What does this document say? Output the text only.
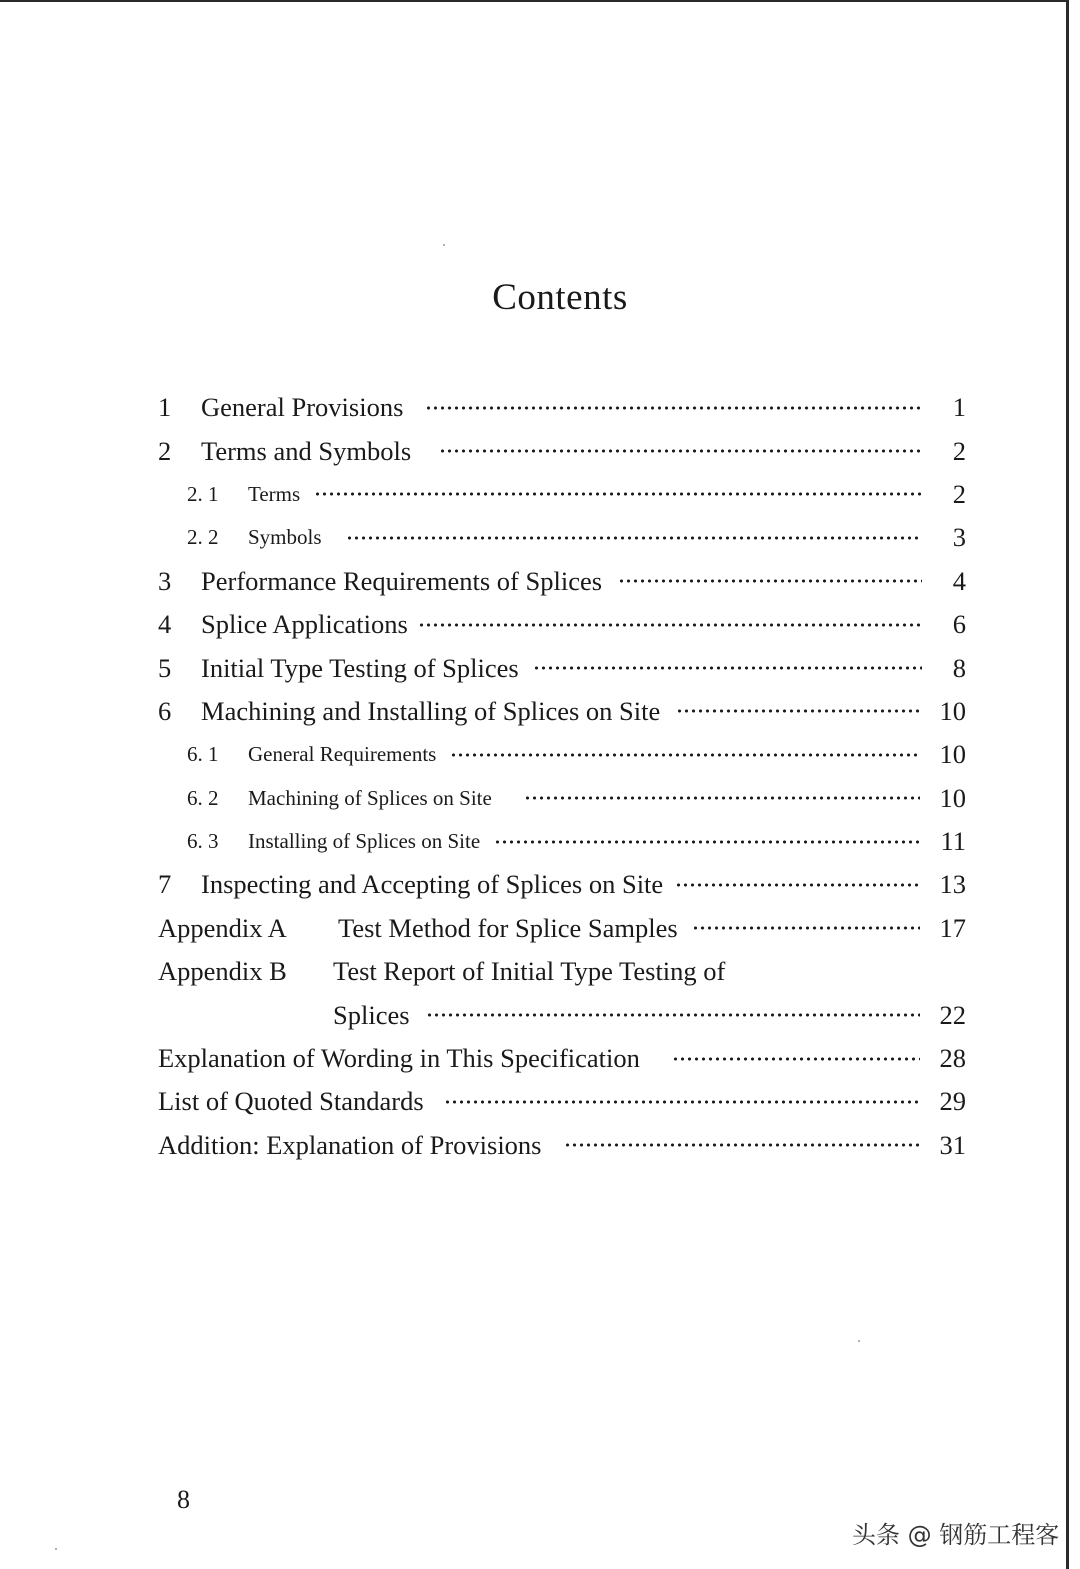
Contents
1	General Provisions	1
2	Terms and Symbols	2
2. 1	Terms	2
2. 2	Symbols	3
3	Performance Requirements of Splices	4
4	Splice Applications	6
5	Initial Type Testing of Splices	8
6	Machining and Installing of Splices on Site	10
6. 1	General Requirements	10
6. 2	Machining of Splices on Site	10
6. 3	Installing of Splices on Site	11
7	Inspecting and Accepting of Splices on Site	13
Appendix A	Test Method for Splice Samples	17
Appendix B	Test Report of Initial Type Testing of
Splices	22
Explanation of Wording in This Specification	28
List of Quoted Standards	29
Addition: Explanation of Provisions	31
8
头条 @ 钢筋工程客
